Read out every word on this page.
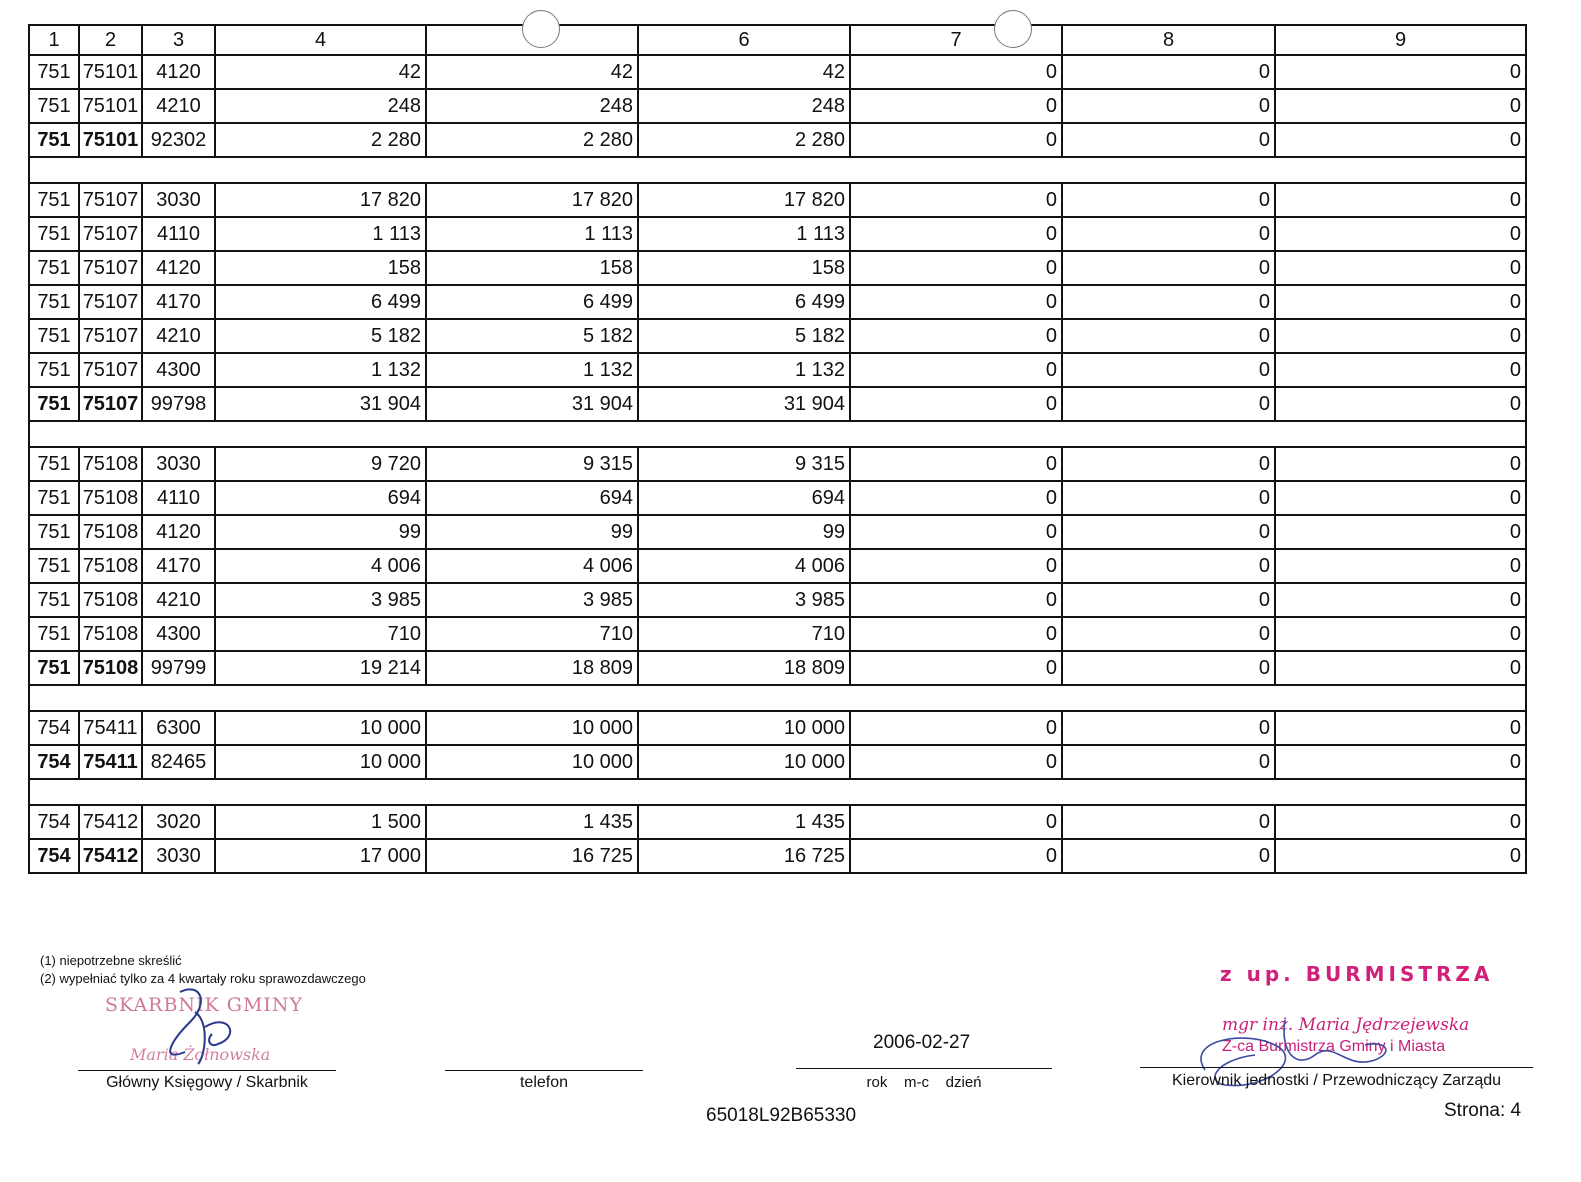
1	2	3	4		6	7	8	9
751	75101	4120	42	42	42	0	0	0
751	75101	4210	248	248	248	0	0	0
751	75101	92302	2 280	2 280	2 280	0	0	0

751	75107	3030	17 820	17 820	17 820	0	0	0
751	75107	4110	1 113	1 113	1 113	0	0	0
751	75107	4120	158	158	158	0	0	0
751	75107	4170	6 499	6 499	6 499	0	0	0
751	75107	4210	5 182	5 182	5 182	0	0	0
751	75107	4300	1 132	1 132	1 132	0	0	0
751	75107	99798	31 904	31 904	31 904	0	0	0

751	75108	3030	9 720	9 315	9 315	0	0	0
751	75108	4110	694	694	694	0	0	0
751	75108	4120	99	99	99	0	0	0
751	75108	4170	4 006	4 006	4 006	0	0	0
751	75108	4210	3 985	3 985	3 985	0	0	0
751	75108	4300	710	710	710	0	0	0
751	75108	99799	19 214	18 809	18 809	0	0	0

754	75411	6300	10 000	10 000	10 000	0	0	0
754	75411	82465	10 000	10 000	10 000	0	0	0

754	75412	3020	1 500	1 435	1 435	0	0	0
754	75412	3030	17 000	16 725	16 725	0	0	0
(1) niepotrzebne skreślić
(2) wypełniać tylko za 4 kwartały roku sprawozdawczego
SKARBNIK GMINY
Maria Żołnowska
Główny Księgowy / Skarbnik	telefon
2006-02-27
rok    m-c    dzień
z up. BURMISTRZA
mgr inż. Maria Jędrzejewska
Z-ca Burmistrza Gminy i Miasta
Kierownik jednostki / Przewodniczący Zarządu
65018L92B65330	Strona: 4
